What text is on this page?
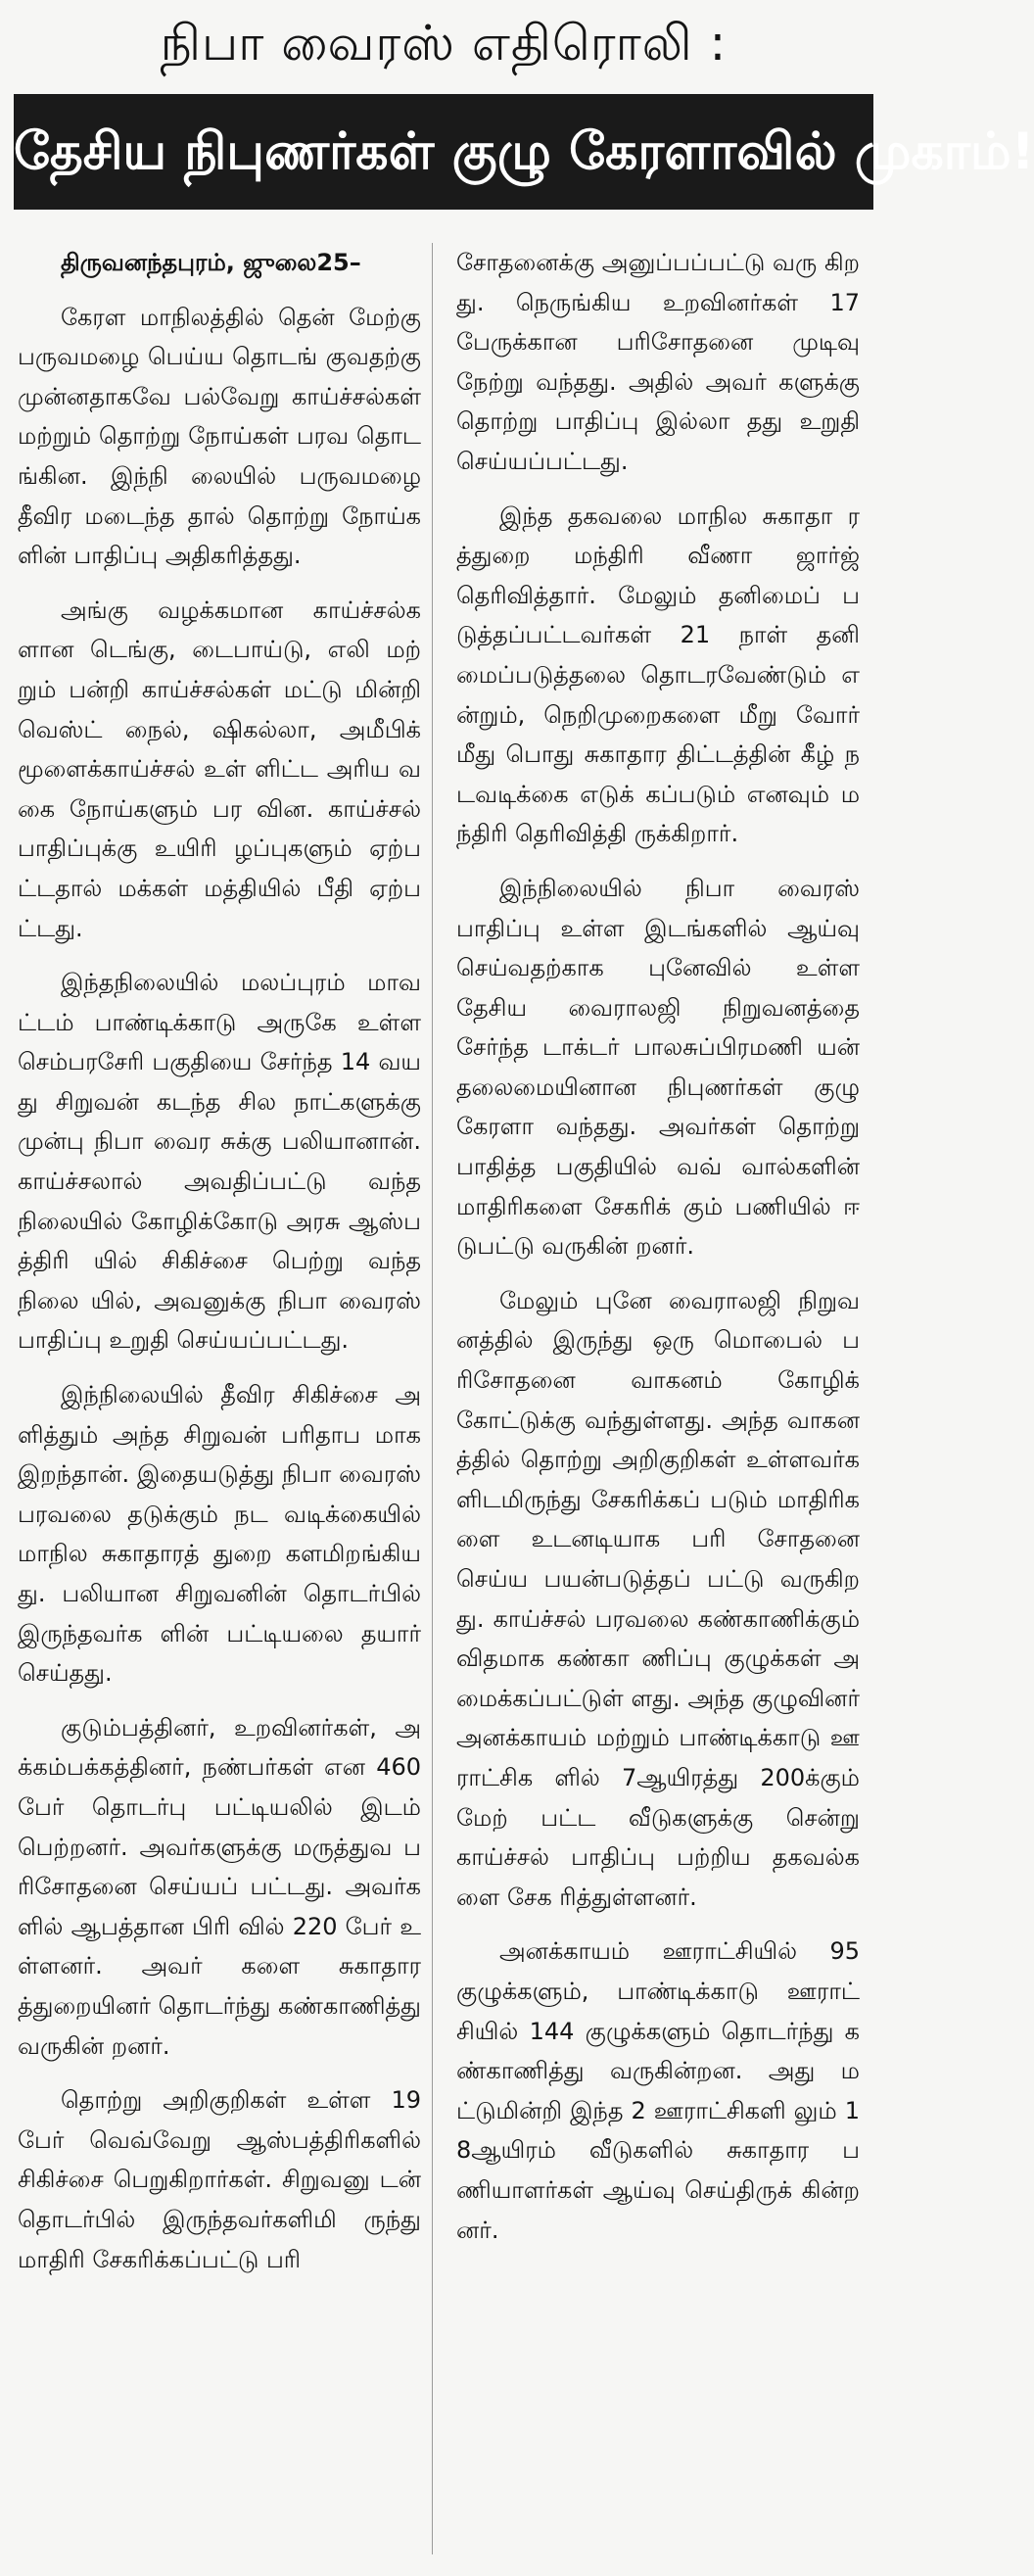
நிபா வைரஸ் எதிரொலி :
தேசிய நிபுணர்கள் குழு கேரளாவில் முகாம்!

திருவனந்தபுரம், ஜுலை25–

கேரள மாநிலத்தில் தென் மேற்கு பருவமழை பெய்ய தொடங் குவதற்கு முன்னதாகவே பல்வேறு காய்ச்சல்கள் மற்றும் தொற்று நோய்கள் பரவ தொடங்கின. இந்நி லையில் பருவமழை தீவிர மடைந்த தால் தொற்று நோய்களின் பாதிப்பு அதிகரித்தது.

அங்கு வழக்கமான காய்ச்சல்க ளான டெங்கு, டைபாய்டு, எலி மற் றும் பன்றி காய்ச்சல்கள் மட்டு மின்றி வெஸ்ட் நைல், ஷிகல்லா, அமீபிக் மூளைக்காய்ச்சல் உள் ளிட்ட அரிய வகை நோய்களும் பர வின. காய்ச்சல் பாதிப்புக்கு உயிரி ழப்புகளும் ஏற்பட்டதால் மக்கள் மத்தியில் பீதி ஏற்பட்டது.

இந்தநிலையில் மலப்புரம் மாவட்டம் பாண்டிக்காடு அருகே உள்ள செம்பரசேரி பகுதியை சேர்ந்த 14 வயது சிறுவன் கடந்த சில நாட்களுக்கு முன்பு நிபா வைர சுக்கு பலியானான். காய்ச்சலால் அவதிப்பட்டு வந்த நிலையில் கோழிக்கோடு அரசு ஆஸ்பத்திரி யில் சிகிச்சை பெற்று வந்த நிலை யில், அவனுக்கு நிபா வைரஸ் பாதிப்பு உறுதி செய்யப்பட்டது.

இந்நிலையில் தீவிர சிகிச்சை அளித்தும் அந்த சிறுவன் பரிதாப மாக இறந்தான். இதையடுத்து நிபா வைரஸ் பரவலை தடுக்கும் நட வடிக்கையில் மாநில சுகாதாரத் துறை களமிறங்கியது. பலியான சிறுவனின் தொடர்பில் இருந்தவர்க ளின் பட்டியலை தயார் செய்தது.

குடும்பத்தினர், உறவினர்கள், அக்கம்பக்கத்தினர், நண்பர்கள் என 460 பேர் தொடர்பு பட்டியலில் இடம் பெற்றனர். அவர்களுக்கு மருத்துவ பரிசோதனை செய்யப் பட்டது. அவர்களில் ஆபத்தான பிரி வில் 220 பேர் உள்ளனர். அவர் களை சுகாதாரத்துறையினர் தொடர்ந்து கண்காணித்து வருகின் றனர்.

தொற்று அறிகுறிகள் உள்ள 19 பேர் வெவ்வேறு ஆஸ்பத்திரிகளில் சிகிச்சை பெறுகிறார்கள். சிறுவனு டன் தொடர்பில் இருந்தவர்களிமி ருந்து மாதிரி சேகரிக்கப்பட்டு பரி

சோதனைக்கு அனுப்பப்பட்டு வரு கிறது. நெருங்கிய உறவினர்கள் 17 பேருக்கான பரிசோதனை முடிவு நேற்று வந்தது. அதில் அவர் களுக்கு தொற்று பாதிப்பு இல்லா தது உறுதி செய்யப்பட்டது.

இந்த தகவலை மாநில சுகாதா ரத்துறை மந்திரி வீணா ஜார்ஜ் தெரிவித்தார். மேலும் தனிமைப் படுத்தப்பட்டவர்கள் 21 நாள் தனி மைப்படுத்தலை தொடரவேண்டும் என்றும், நெறிமுறைகளை மீறு வோர் மீது பொது சுகாதார திட்டத்தின் கீழ் நடவடிக்கை எடுக் கப்படும் எனவும் மந்திரி தெரிவித்தி ருக்கிறார்.

இந்நிலையில் நிபா வைரஸ் பாதிப்பு உள்ள இடங்களில் ஆய்வு செய்வதற்காக புனேவில் உள்ள தேசிய வைராலஜி நிறுவனத்தை சேர்ந்த டாக்டர் பாலசுப்பிரமணி யன் தலைமையினான நிபுணர்கள் குழு கேரளா வந்தது. அவர்கள் தொற்று பாதித்த பகுதியில் வவ் வால்களின் மாதிரிகளை சேகரிக் கும் பணியில் ஈடுபட்டு வருகின் றனர்.

மேலும் புனே வைராலஜி நிறுவ னத்தில் இருந்து ஒரு மொபைல் பரிசோதனை வாகனம் கோழிக் கோட்டுக்கு வந்துள்ளது. அந்த வாகனத்தில் தொற்று அறிகுறிகள் உள்ளவர்களிடமிருந்து சேகரிக்கப் படும் மாதிரிகளை உடனடியாக பரி சோதனை செய்ய பயன்படுத்தப் பட்டு வருகிறது. காய்ச்சல் பரவலை கண்காணிக்கும் விதமாக கண்கா ணிப்பு குழுக்கள் அமைக்கப்பட்டுள் ளது. அந்த குழுவினர் அனக்காயம் மற்றும் பாண்டிக்காடு ஊராட்சிக ளில் 7ஆயிரத்து 200க்கும் மேற் பட்ட வீடுகளுக்கு சென்று காய்ச்சல் பாதிப்பு பற்றிய தகவல்களை சேக ரித்துள்ளனர்.

அனக்காயம் ஊராட்சியில் 95 குழுக்களும், பாண்டிக்காடு ஊராட் சியில் 144 குழுக்களும் தொடர்ந்து கண்காணித்து வருகின்றன. அது மட்டுமின்றி இந்த 2 ஊராட்சிகளி லும் 18ஆயிரம் வீடுகளில் சுகாதார பணியாளர்கள் ஆய்வு செய்திருக் கின்றனர்.
